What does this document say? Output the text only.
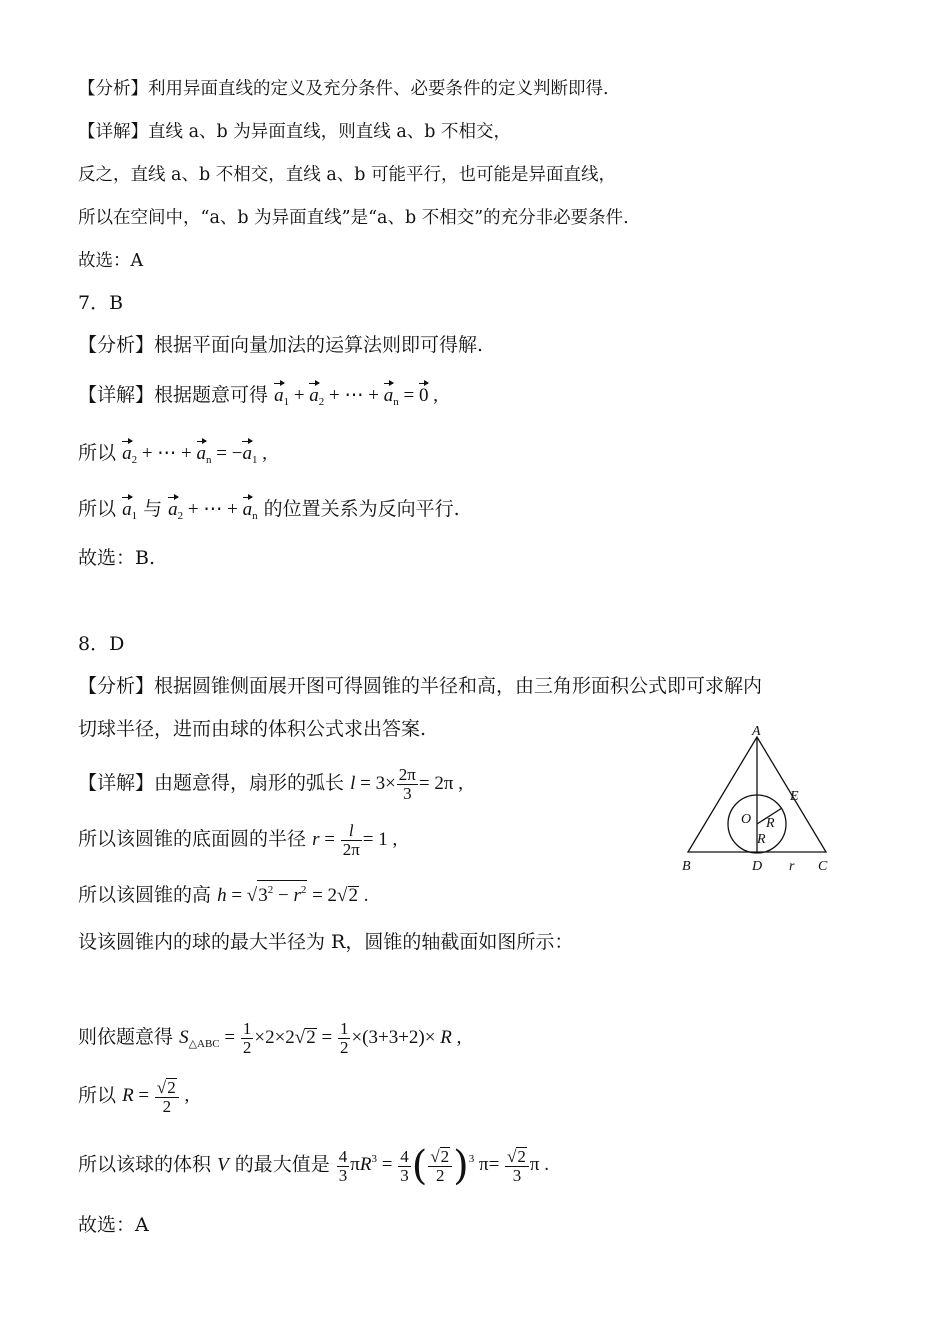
【分析】利用异面直线的定义及充分条件、必要条件的定义判断即得.
【详解】直线 a、b 为异面直线，则直线 a、b 不相交，
反之，直线 a、b 不相交，直线 a、b 可能平行，也可能是异面直线，
所以在空间中，“a、b 为异面直线”是“a、b 不相交”的充分非必要条件.
故选：A
7．B
【分析】根据平面向量加法的运算法则即可得解.
【详解】根据题意可得 $a_1 + a_2$ + ⋯ + $a_n = 0$ ,
所以 $a_2$ + ⋯ + $a_n = -a_1$ ,
所以 $a_1$ 与 $a_2$ + ⋯ + $a_n$ 的位置关系为反向平行.
故选：B.
8．D
【分析】根据圆锥侧面展开图可得圆锥的半径和高，由三角形面积公式即可求解内
切球半径，进而由球的体积公式求出答案.
【详解】由题意得，扇形的弧长 $l = 3\times \frac{2\pi}{3} = 2\pi$ ,
所以该圆锥的底面圆的半径 $r = \frac{l}{2\pi} = 1$ ,
所以该圆锥的高 $h = √3^2 - r^2 = 2√2$ .
设该圆锥内的球的最大半径为 R，圆锥的轴截面如图所示：
则依题意得 $S_{\triangle ABC} = \frac{1}{2} \times 2\times 2√2 = \frac{1}{2} \times(3+3+2)\times R$ ,
所以 $R = \frac{√2}{2}$ ,
所以该球的体积 V 的最大值是 $\frac{4}{3} \pi R^3 = \frac{4}{3}$ ( $\frac{√2}{2} )^3$ $\pi= \frac{√2}{3}$ π .
故选：A
A
E
O R
R
B	D r C
